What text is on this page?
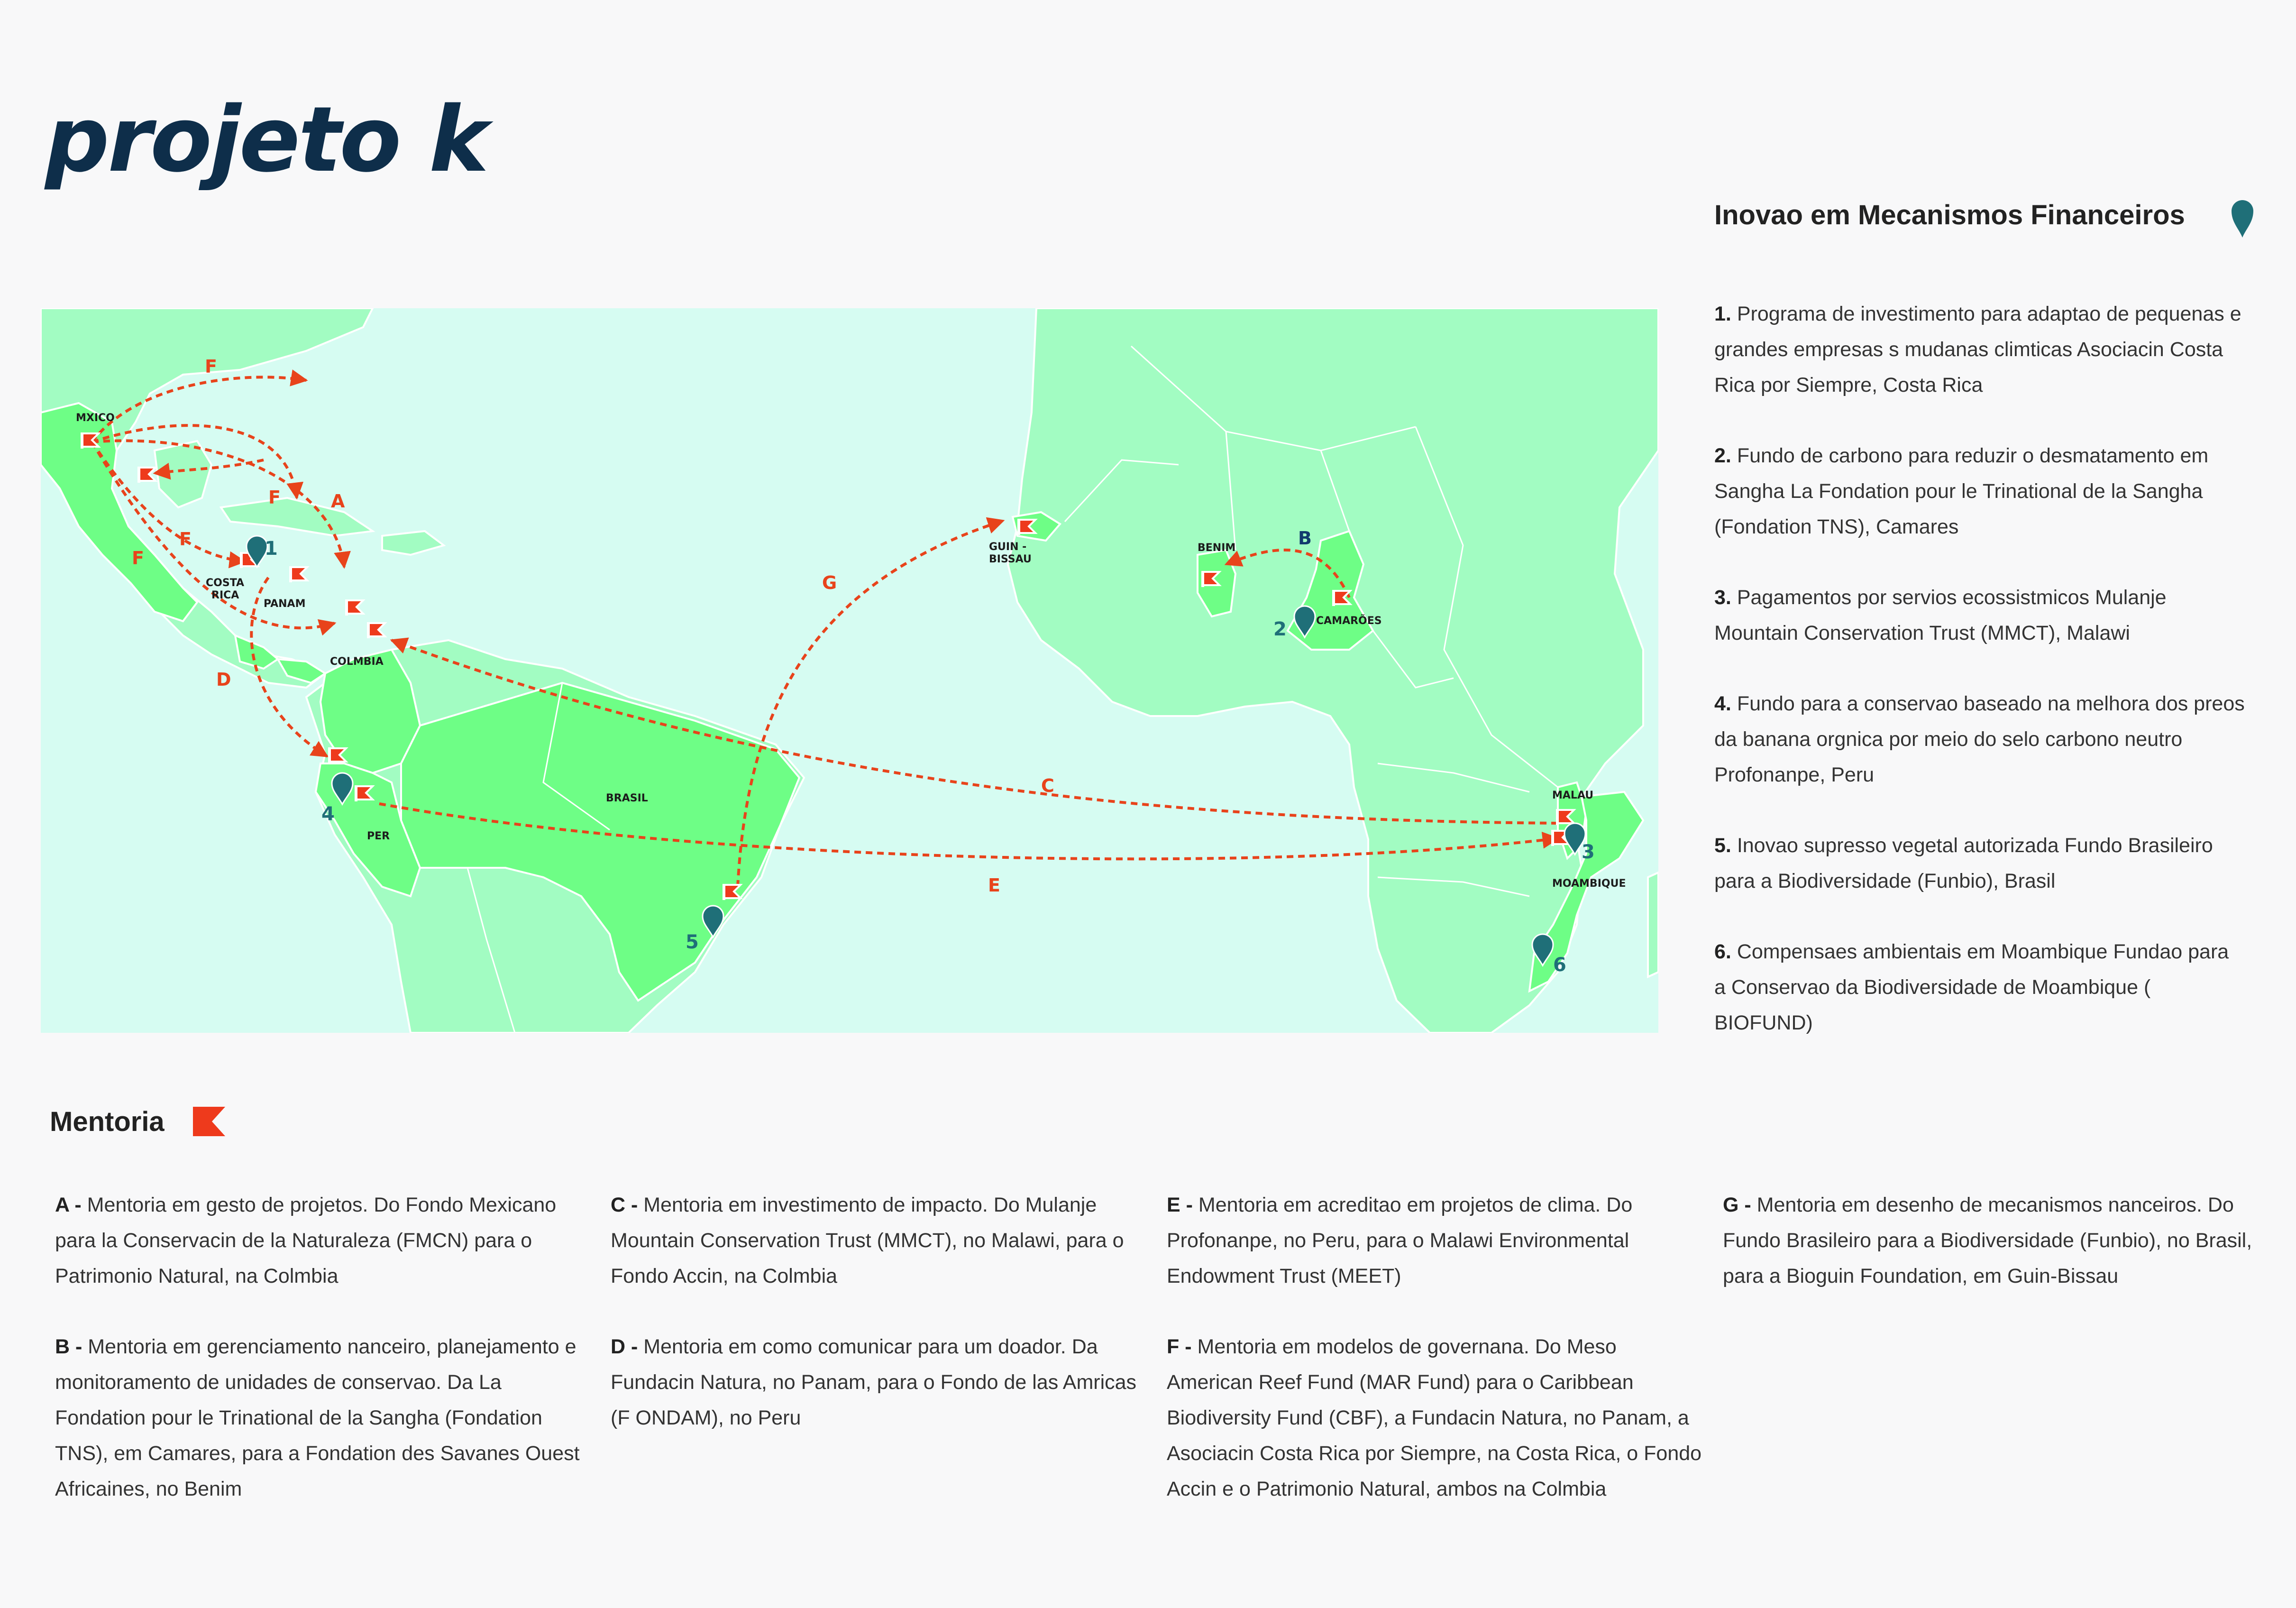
projeto k
1
2
3
4
5
6
F
F	A
F
F
D
G
B
C
E
MXICO
COSTA
RICA
PANAM
COLMBIA
PER
BRASIL
GUIN -
BISSAU
BENIM
CAMARÕES
MALAU
MOAMBIQUE
Inovao em Mecanismos Financeiros

1. Programa de investimento para adaptao de pequenas e grandes empresas s mudanas climticas Asociacin Costa Rica por Siempre, Costa Rica

2. Fundo de carbono para reduzir o desmatamento em Sangha La Fondation pour le Trinational de la Sangha (Fondation TNS), Camares

3. Pagamentos por servios ecossistmicos Mulanje Mountain Conservation Trust (MMCT), Malawi

4. Fundo para a conservao baseado na melhora dos preos da banana orgnica por meio do selo carbono neutro Profonanpe, Peru

5. Inovao supresso vegetal autorizada Fundo Brasileiro para a Biodiversidade (Funbio), Brasil

6. Compensaes ambientais em Moambique Fundao para a Conservao da Biodiversidade de Moambique ( BIOFUND)

Mentoria

A - Mentoria em gesto de projetos. Do Fondo Mexicano para la Conservacin de la Naturaleza (FMCN) para o Patrimonio Natural, na Colmbia

B - Mentoria em gerenciamento nanceiro, planejamento e monitoramento de unidades de conservao. Da La Fondation pour le Trinational de la Sangha (Fondation TNS), em Camares, para a Fondation des Savanes Ouest Africaines, no Benim

C - Mentoria em investimento de impacto. Do Mulanje Mountain Conservation Trust (MMCT), no Malawi, para o Fondo Accin, na Colmbia

D - Mentoria em como comunicar para um doador. Da Fundacin Natura, no Panam, para o Fondo de las Amricas (F ONDAM), no Peru

E - Mentoria em acreditao em projetos de clima. Do Profonanpe, no Peru, para o Malawi Environmental Endowment Trust (MEET)

F - Mentoria em modelos de governana. Do Meso American Reef Fund (MAR Fund) para o Caribbean Biodiversity Fund (CBF), a Fundacin Natura, no Panam, a Asociacin Costa Rica por Siempre, na Costa Rica, o Fondo Accin e o Patrimonio Natural, ambos na Colmbia

G - Mentoria em desenho de mecanismos nanceiros. Do Fundo Brasileiro para a Biodiversidade (Funbio), no Brasil, para a Bioguin Foundation, em Guin-Bissau
